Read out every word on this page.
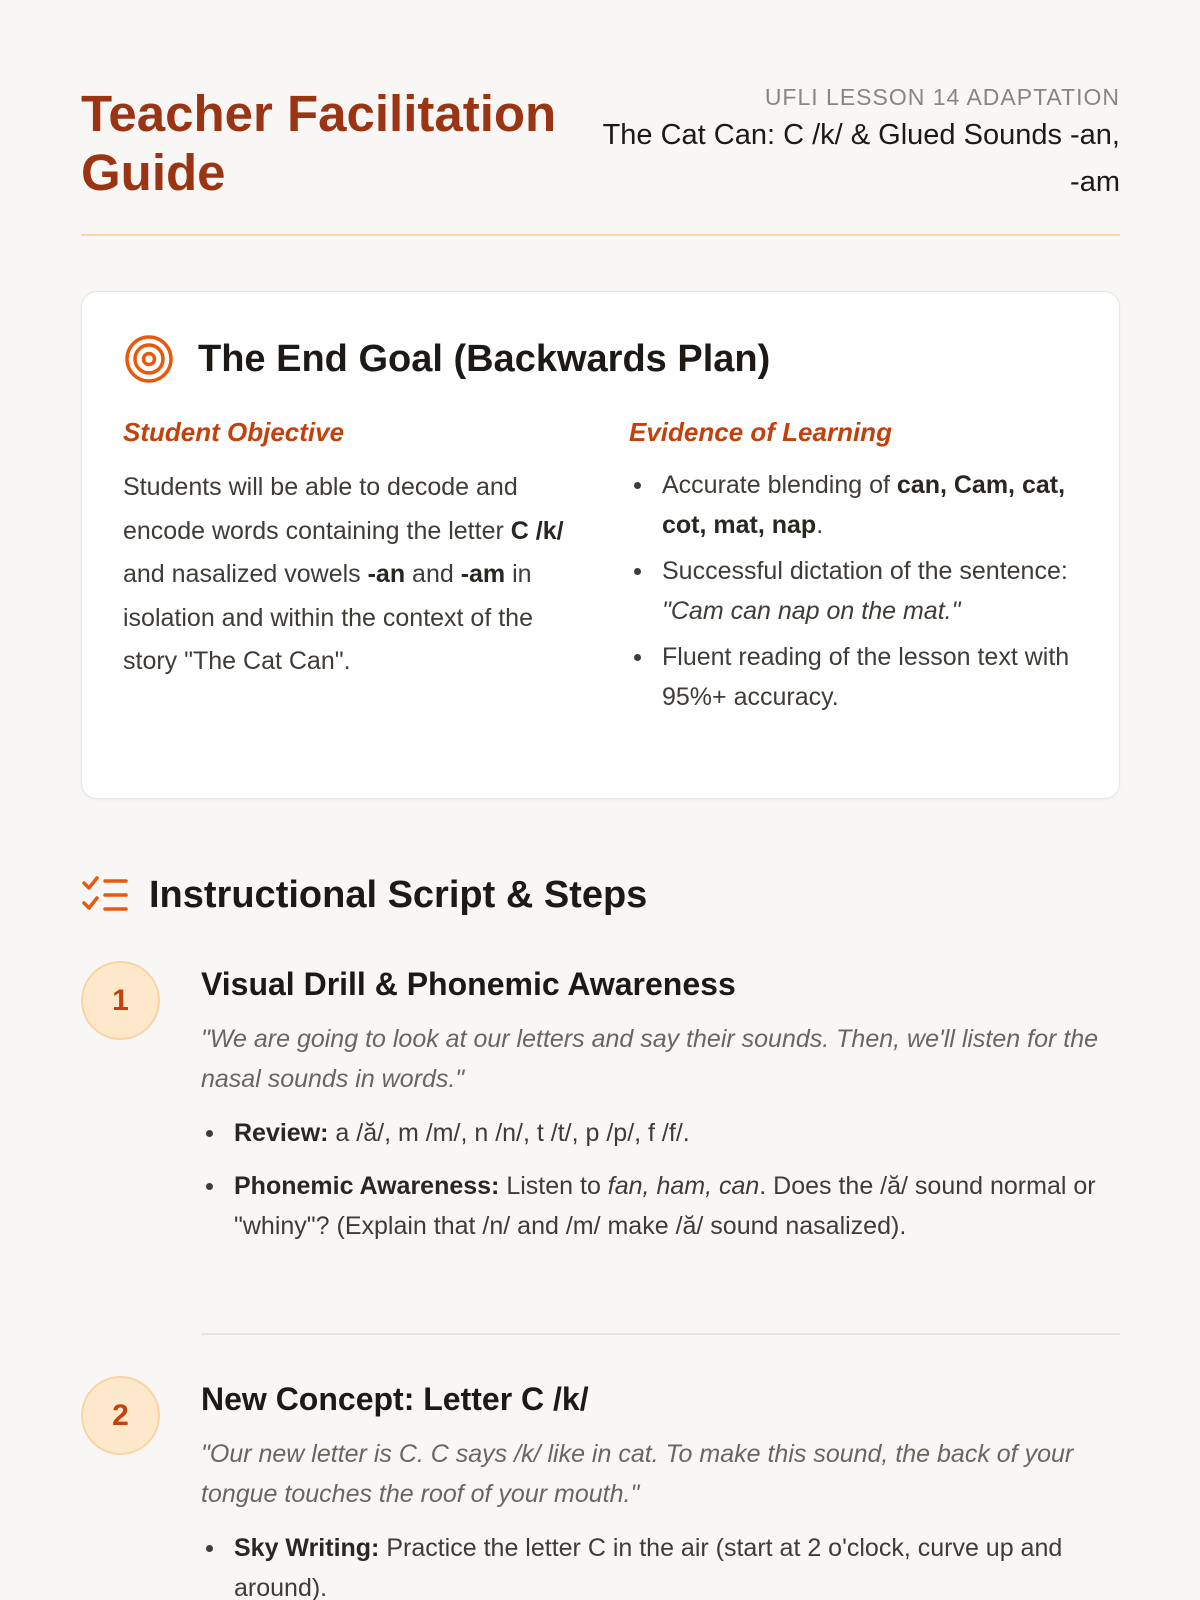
Teacher Facilitation Guide
UFLI LESSON 14 ADAPTATION
The Cat Can: C /k/ & Glued Sounds -an, -am
The End Goal (Backwards Plan)
Student Objective

Students will be able to decode and encode words containing the letter C /k/ and nasalized vowels -an and -am in isolation and within the context of the story "The Cat Can".

Evidence of Learning
Accurate blending of can, Cam, cat, cot, mat, nap.
Successful dictation of the sentence: "Cam can nap on the mat."
Fluent reading of the lesson text with 95%+ accuracy.
Instructional Script & Steps
1	Visual Drill & Phonemic Awareness

"We are going to look at our letters and say their sounds. Then, we'll listen for the nasal sounds in words."

Review: a /ă/, m /m/, n /n/, t /t/, p /p/, f /f/.
Phonemic Awareness: Listen to fan, ham, can. Does the /ă/ sound normal or "whiny"? (Explain that /n/ and /m/ make /ă/ sound nasalized).
2	New Concept: Letter C /k/

"Our new letter is C. C says /k/ like in cat. To make this sound, the back of your tongue touches the roof of your mouth."

Sky Writing: Practice the letter C in the air (start at 2 o'clock, curve up and around).
